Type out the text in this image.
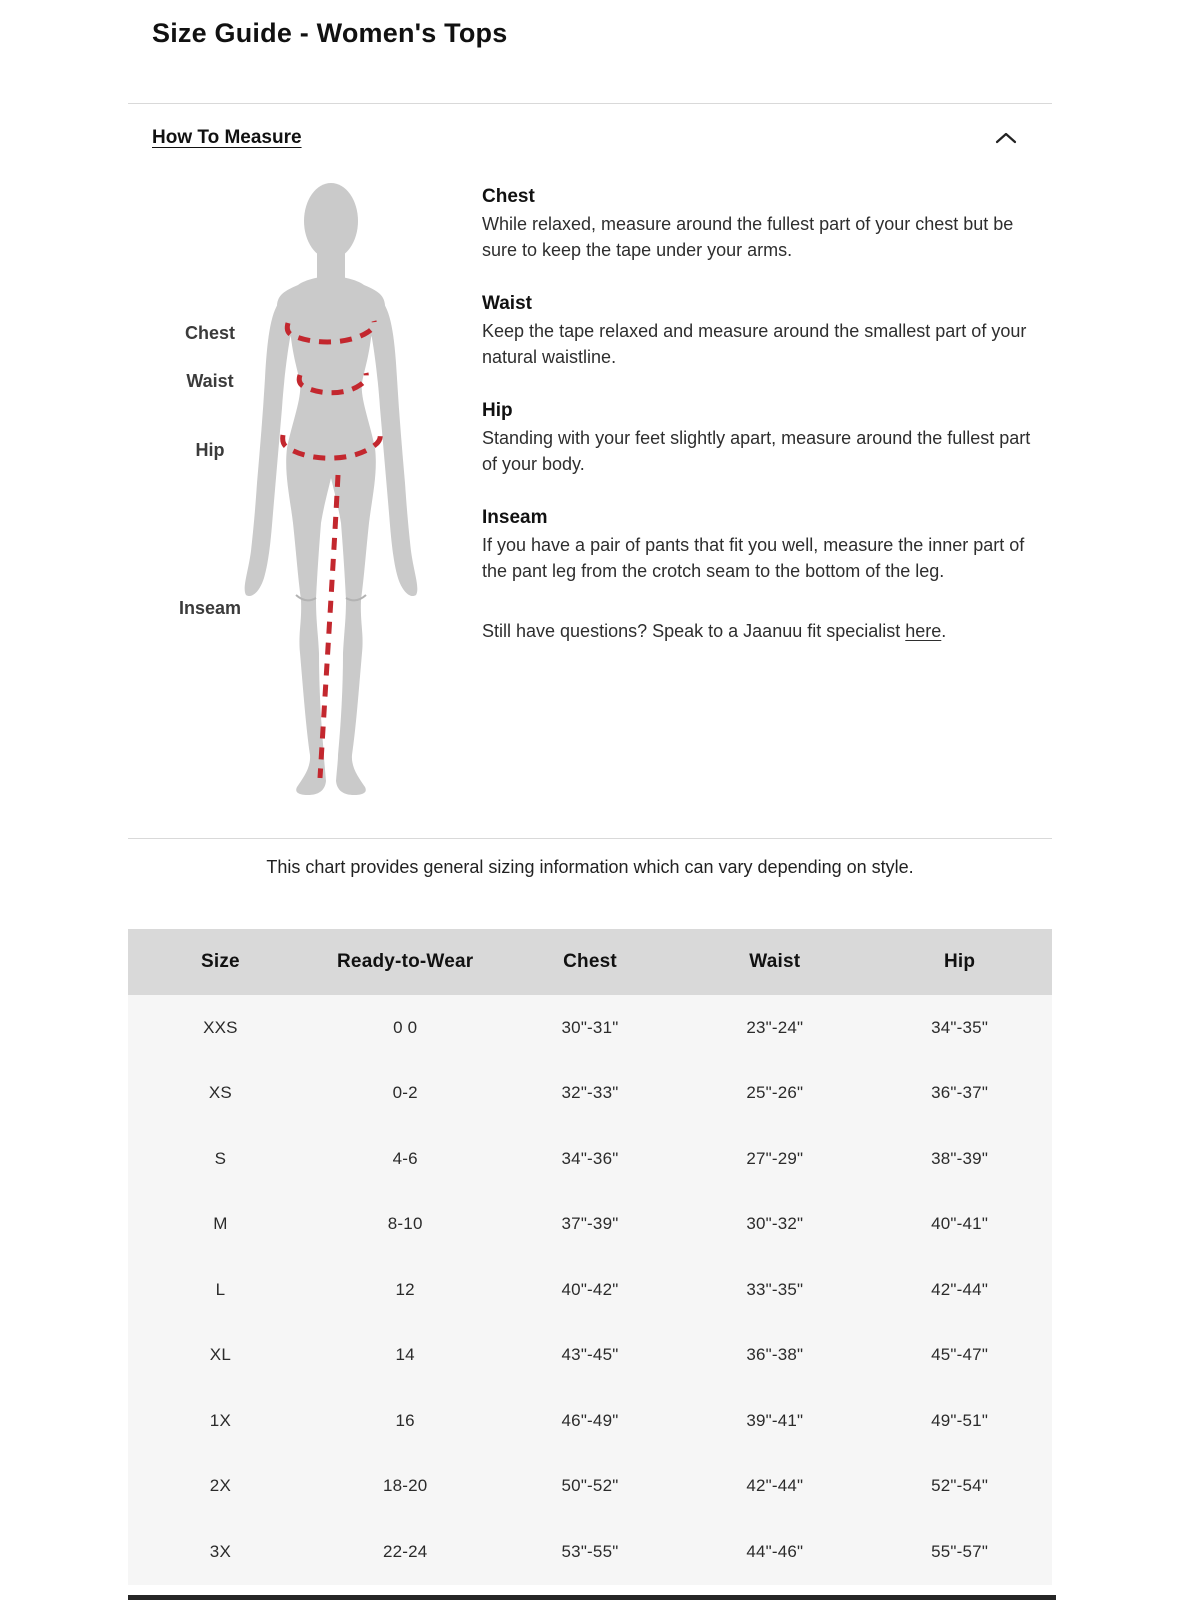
Size Guide - Women's Tops
How To Measure
Chest
Waist
Hip
Inseam
Chest

While relaxed, measure around the fullest part of your chest but be sure to keep the tape under your arms.

Waist

Keep the tape relaxed and measure around the smallest part of your natural waistline.

Hip

Standing with your feet slightly apart, measure around the fullest part of your body.

Inseam

If you have a pair of pants that fit you well, measure the inner part of the pant leg from the crotch seam to the bottom of the leg.

Still have questions? Speak to a Jaanuu fit specialist here.

This chart provides general sizing information which can vary depending on style.
Size	Ready-to-Wear	Chest	Waist	Hip
XXS	0 0	30"-31"	23"-24"	34"-35"
XS	0-2	32"-33"	25"-26"	36"-37"
S	4-6	34"-36"	27"-29"	38"-39"
M	8-10	37"-39"	30"-32"	40"-41"
L	12	40"-42"	33"-35"	42"-44"
XL	14	43"-45"	36"-38"	45"-47"
1X	16	46"-49"	39"-41"	49"-51"
2X	18-20	50"-52"	42"-44"	52"-54"
3X	22-24	53"-55"	44"-46"	55"-57"
